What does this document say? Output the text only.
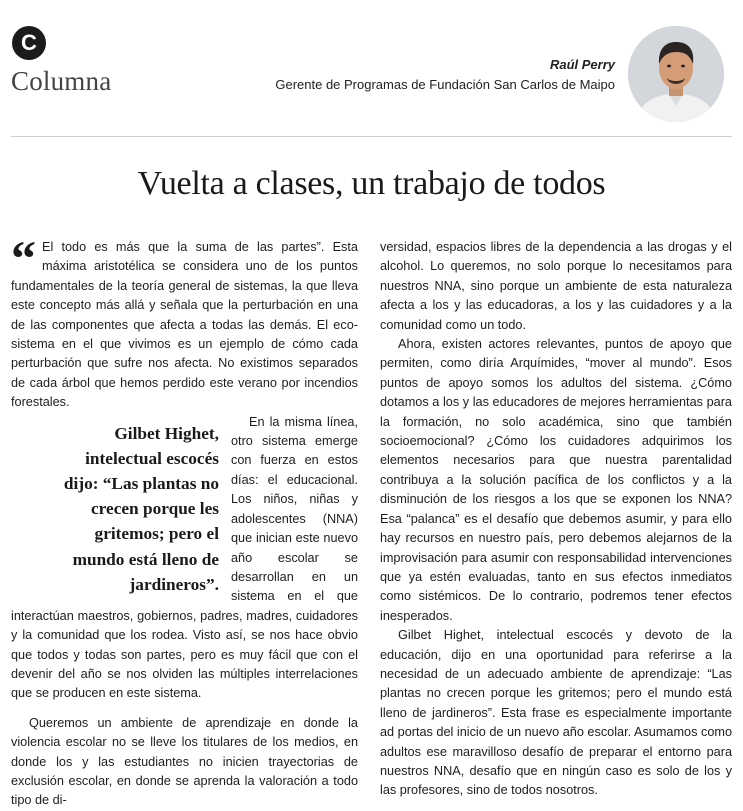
C
Columna
Raúl Perry
Gerente de Programas de Fundación San Carlos de Maipo
Vuelta a clases, un trabajo de todos

“ El todo es más que la suma de las partes”. Esta máxima aristotélica se considera uno de los puntos fundamentales de la teoría general de sistemas, la que lleva este concepto más allá y señala que la perturbación en una de las componentes que afecta a todas las demás. El eco-sistema en el que vivimos es un ejemplo de cómo cada perturbación que sufre nos afecta. No existimos separados de cada árbol que hemos perdido este verano por incendios forestales.

Gilbet Highet,
intelectual escocés
dijo: “Las plantas no
crecen porque les
gritemos; pero el
mundo está lleno de
jardineros”.

En la misma línea, otro sistema emerge con fuerza en estos días: el educacional. Los niños, niñas y adolescentes (NNA) que inician este nuevo año escolar se desarrollan en un sistema en el que interactúan maestros, gobiernos, padres, madres, cuidadores y la comunidad que los rodea. Visto así, se nos hace obvio que todos y todas son partes, pero es muy fácil que con el devenir del año se nos olviden las múltiples interrelaciones que se producen en este sistema.

Queremos un ambiente de aprendizaje en donde la violencia escolar no se lleve los titulares de los medios, en donde los y las estudiantes no inicien trayectorias de exclusión escolar, en donde se aprenda la valoración a todo tipo de di-

versidad, espacios libres de la dependencia a las drogas y el alcohol. Lo queremos, no solo porque lo necesitamos para nuestros NNA, sino porque un ambiente de esta naturaleza afecta a los y las educadoras, a los y las cuidadores y a la comunidad como un todo.

Ahora, existen actores relevantes, puntos de apoyo que permiten, como diría Arquímides, “mover al mundo”. Esos puntos de apoyo somos los adultos del sistema. ¿Cómo dotamos a los y las educadores de mejores herramientas para la formación, no solo académica, sino que también socioemocional? ¿Cómo los cuidadores adquirimos los elementos necesarios para que nuestra parentalidad contribuya a la solución pacífica de los conflictos y a la disminución de los riesgos a los que se exponen los NNA? Esa “palanca” es el desafío que debemos asumir, y para ello hay recursos en nuestro país, pero debemos alejarnos de la improvisación para asumir con responsabilidad intervenciones que ya estén evaluadas, tanto en sus efectos inmediatos como sistémicos. De lo contrario, podremos tener efectos inesperados.

Gilbet Highet, intelectual escocés y devoto de la educación, dijo en una oportunidad para referirse a la necesidad de un adecuado ambiente de aprendizaje: “Las plantas no crecen porque les gritemos; pero el mundo está lleno de jardineros”. Esta frase es especialmente importante ad portas del inicio de un nuevo año escolar. Asumamos como adultos ese maravilloso desafío de preparar el entorno para nuestros NNA, desafío que en ningún caso es solo de los y las profesores, sino de todos nosotros.
